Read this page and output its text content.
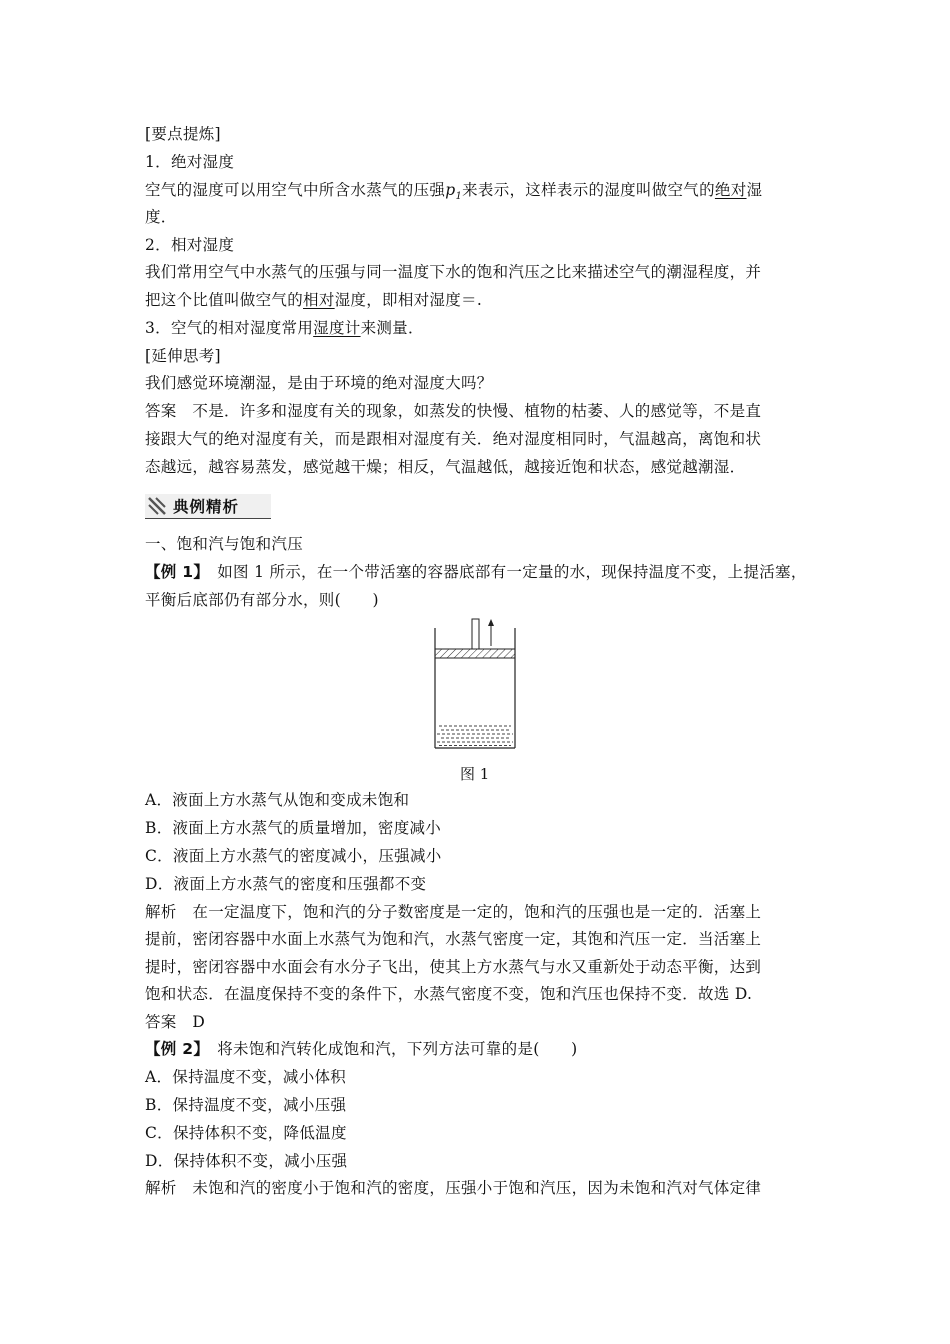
[要点提炼]
1．绝对湿度
空气的湿度可以用空气中所含水蒸气的压强$p_1$来表示，这样表示的湿度叫做空气的绝对湿
度．
2．相对湿度
我们常用空气中水蒸气的压强与同一温度下水的饱和汽压之比来描述空气的潮湿程度，并
把这个比值叫做空气的相对湿度，即相对湿度＝.
3．空气的相对湿度常用湿度计来测量．
[延伸思考]
我们感觉环境潮湿，是由于环境的绝对湿度大吗？
答案　不是．许多和湿度有关的现象，如蒸发的快慢、植物的枯萎、人的感觉等，不是直
接跟大气的绝对湿度有关，而是跟相对湿度有关．绝对湿度相同时，气温越高，离饱和状
态越远，越容易蒸发，感觉越干燥；相反，气温越低，越接近饱和状态，感觉越潮湿．
典例精析
一、饱和汽与饱和汽压
【例 1】　如图 1 所示，在一个带活塞的容器底部有一定量的水，现保持温度不变，上提活塞，
平衡后底部仍有部分水，则(　　)
图 1
A．液面上方水蒸气从饱和变成未饱和
B．液面上方水蒸气的质量增加，密度减小
C．液面上方水蒸气的密度减小，压强减小
D．液面上方水蒸气的密度和压强都不变
解析　在一定温度下，饱和汽的分子数密度是一定的，饱和汽的压强也是一定的．活塞上
提前，密闭容器中水面上水蒸气为饱和汽，水蒸气密度一定，其饱和汽压一定．当活塞上
提时，密闭容器中水面会有水分子飞出，使其上方水蒸气与水又重新处于动态平衡，达到
饱和状态．在温度保持不变的条件下，水蒸气密度不变，饱和汽压也保持不变．故选 D.
答案　D
【例 2】　将未饱和汽转化成饱和汽，下列方法可靠的是(　　)
A．保持温度不变，减小体积
B．保持温度不变，减小压强
C．保持体积不变，降低温度
D．保持体积不变，减小压强
解析　未饱和汽的密度小于饱和汽的密度，压强小于饱和汽压，因为未饱和汽对气体定律
